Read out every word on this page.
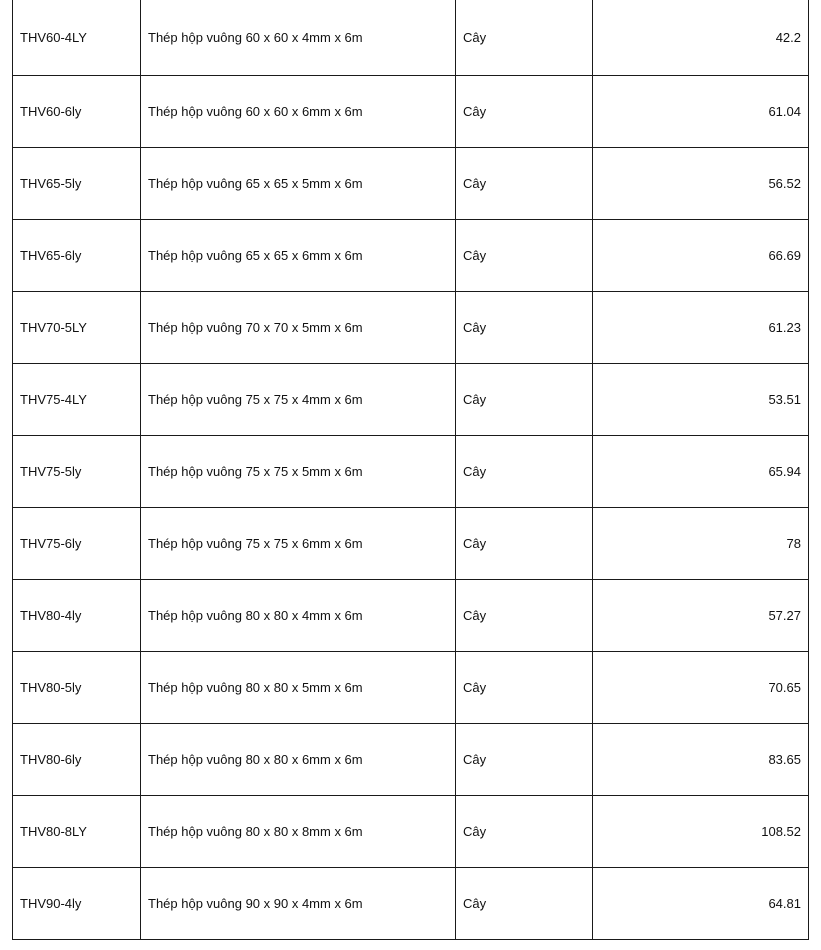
THV60-4LY	Thép hộp vuông 60 x 60 x 4mm x 6m	Cây	42.2
THV60-6ly	Thép hộp vuông 60 x 60 x 6mm x 6m	Cây	61.04
THV65-5ly	Thép hộp vuông 65 x 65 x 5mm x 6m	Cây	56.52
THV65-6ly	Thép hộp vuông 65 x 65 x 6mm x 6m	Cây	66.69
THV70-5LY	Thép hộp vuông 70 x 70 x 5mm x 6m	Cây	61.23
THV75-4LY	Thép hộp vuông 75 x 75 x 4mm x 6m	Cây	53.51
THV75-5ly	Thép hộp vuông 75 x 75 x 5mm x 6m	Cây	65.94
THV75-6ly	Thép hộp vuông 75 x 75 x 6mm x 6m	Cây	78
THV80-4ly	Thép hộp vuông 80 x 80 x 4mm x 6m	Cây	57.27
THV80-5ly	Thép hộp vuông 80 x 80 x 5mm x 6m	Cây	70.65
THV80-6ly	Thép hộp vuông 80 x 80 x 6mm x 6m	Cây	83.65
THV80-8LY	Thép hộp vuông 80 x 80 x 8mm x 6m	Cây	108.52
THV90-4ly	Thép hộp vuông 90 x 90 x 4mm x 6m	Cây	64.81
